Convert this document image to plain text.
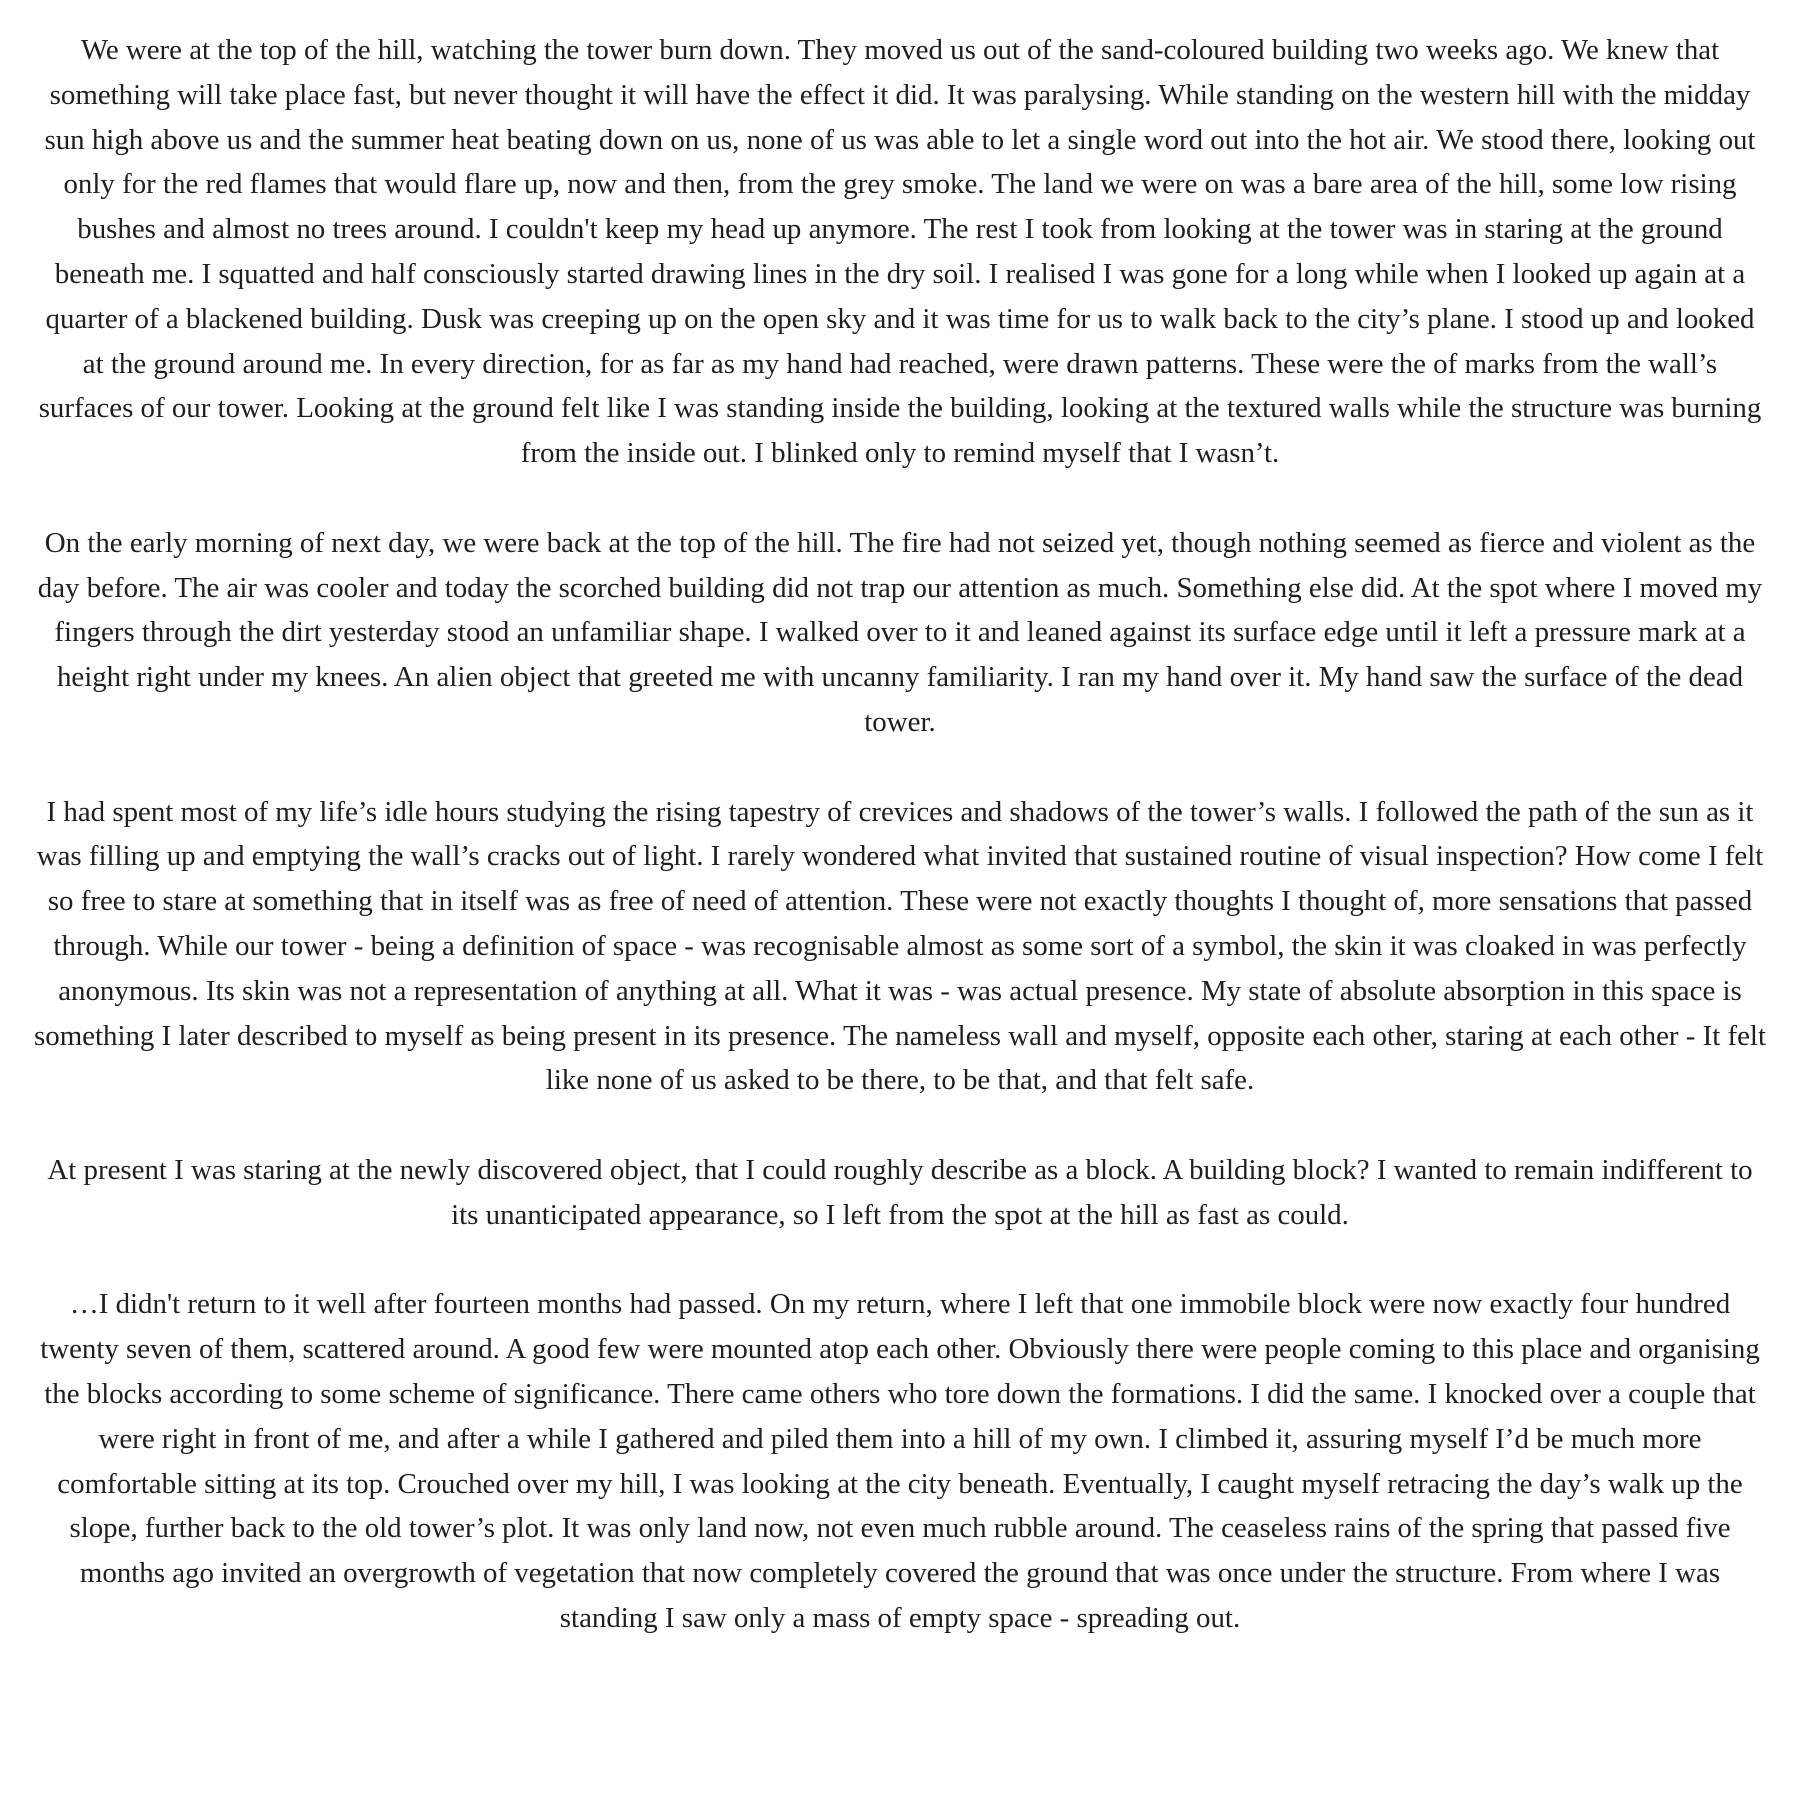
We were at the top of the hill, watching the tower burn down. They moved us out of the sand-coloured building two weeks ago. We knew that something will take place fast, but never thought it will have the effect it did. It was paralysing. While standing on the western hill with the midday sun high above us and the summer heat beating down on us, none of us was able to let a single word out into the hot air. We stood there, looking out only for the red flames that would flare up, now and then, from the grey smoke. The land we were on was a bare area of the hill, some low rising bushes and almost no trees around. I couldn't keep my head up anymore. The rest I took from looking at the tower was in staring at the ground beneath me. I squatted and half consciously started drawing lines in the dry soil. I realised I was gone for a long while when I looked up again at a quarter of a blackened building. Dusk was creeping up on the open sky and it was time for us to walk back to the city’s plane. I stood up and looked at the ground around me. In every direction, for as far as my hand had reached, were drawn patterns. These were the of marks from the wall’s surfaces of our tower. Looking at the ground felt like I was standing inside the building, looking at the textured walls while the structure was burning from the inside out. I blinked only to remind myself that I wasn’t.

On the early morning of next day, we were back at the top of the hill. The fire had not seized yet, though nothing seemed as fierce and violent as the day before. The air was cooler and today the scorched building did not trap our attention as much. Something else did. At the spot where I moved my fingers through the dirt yesterday stood an unfamiliar shape. I walked over to it and leaned against its surface edge until it left a pressure mark at a height right under my knees. An alien object that greeted me with uncanny familiarity. I ran my hand over it. My hand saw the surface of the dead tower.

I had spent most of my life’s idle hours studying the rising tapestry of crevices and shadows of the tower’s walls. I followed the path of the sun as it was filling up and emptying the wall’s cracks out of light. I rarely wondered what invited that sustained routine of visual inspection? How come I felt so free to stare at something that in itself was as free of need of attention. These were not exactly thoughts I thought of, more sensations that passed through. While our tower - being a definition of space - was recognisable almost as some sort of a symbol, the skin it was cloaked in was perfectly anonymous. Its skin was not a representation of anything at all. What it was - was actual presence. My state of absolute absorption in this space is something I later described to myself as being present in its presence. The nameless wall and myself, opposite each other, staring at each other - It felt like none of us asked to be there, to be that, and that felt safe.

At present I was staring at the newly discovered object, that I could roughly describe as a block. A building block? I wanted to remain indifferent to its unanticipated appearance, so I left from the spot at the hill as fast as could.

…I didn't return to it well after fourteen months had passed. On my return, where I left that one immobile block were now exactly four hundred twenty seven of them, scattered around. A good few were mounted atop each other. Obviously there were people coming to this place and organising the blocks according to some scheme of significance. There came others who tore down the formations. I did the same. I knocked over a couple that were right in front of me, and after a while I gathered and piled them into a hill of my own. I climbed it, assuring myself I’d be much more comfortable sitting at its top. Crouched over my hill, I was looking at the city beneath. Eventually, I caught myself retracing the day’s walk up the slope, further back to the old tower’s plot. It was only land now, not even much rubble around. The ceaseless rains of the spring that passed five months ago invited an overgrowth of vegetation that now completely covered the ground that was once under the structure. From where I was standing I saw only a mass of empty space - spreading out.
